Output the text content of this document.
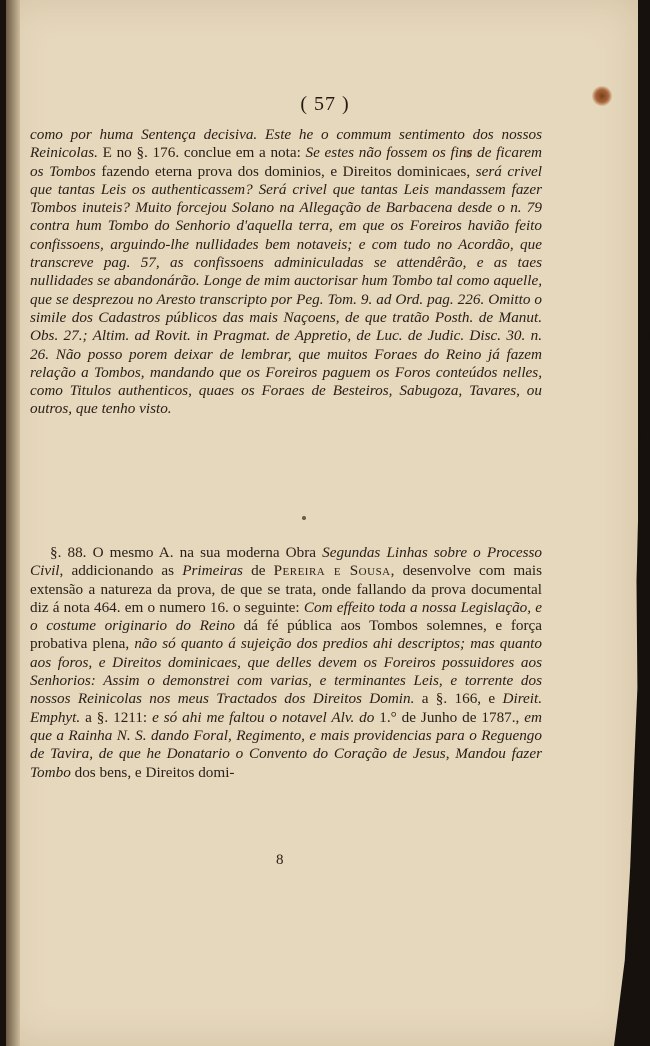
( 57 )
como por huma Sentença decisiva. Este he o commum sentimento dos nossos Reinicolas. E no §. 176. conclue em a nota: Se estes não fossem os fins de ficarem os Tombos fazendo eterna prova dos dominios, e Direitos dominicaes, será crivel que tantas Leis os authenticassem? Será crivel que tantas Leis mandassem fazer Tombos inuteis? Muito forcejou Solano na Allegação de Barbacena desde o n. 79 contra hum Tombo do Senhorio d'aquella terra, em que os Foreiros havião feito confissoens, arguindo-lhe nullidades bem notaveis; e com tudo no Acordão, que transcreve pag. 57, as confissoens adminiculadas se attendêrão, e as taes nullidades se abandonárão. Longe de mim auctorisar hum Tombo tal como aquelle, que se desprezou no Aresto transcripto por Peg. Tom. 9. ad Ord. pag. 226. Omitto o simile dos Cadastros públicos das mais Naçoens, de que tratão Posth. de Manut. Obs. 27.; Altim. ad Rovit. in Pragmat. de Appretio, de Luc. de Judic. Disc. 30. n. 26. Não posso porem deixar de lembrar, que muitos Foraes do Reino já fazem relação a Tombos, mandando que os Foreiros paguem os Foros conteúdos nelles, como Titulos authenticos, quaes os Foraes de Besteiros, Sabugoza, Tavares, ou outros, que tenho visto.
§. 88. O mesmo A. na sua moderna Obra Segundas Linhas sobre o Processo Civil, addicionando as Primeiras de Pereira e Sousa, desenvolve com mais extensão a natureza da prova, de que se trata, onde fallando da prova documental diz á nota 464. em o numero 16. o seguinte: Com effeito toda a nossa Legislação, e o costume originario do Reino dá fé pública aos Tombos solemnes, e força probativa plena, não só quanto á sujeição dos predios ahi descriptos; mas quanto aos foros, e Direitos dominicaes, que delles devem os Foreiros possuidores aos Senhorios: Assim o demonstrei com varias, e terminantes Leis, e torrente dos nossos Reinicolas nos meus Tractados dos Direitos Domin. a §. 166, e Direit. Emphyt. a §. 1211: e só ahi me faltou o notavel Alv. do 1.° de Junho de 1787., em que a Rainha N. S. dando Foral, Regimento, e mais providencias para o Reguengo de Tavira, de que he Donatario o Convento do Coração de Jesus, Mandou fazer Tombo dos bens, e Direitos domi-
8
